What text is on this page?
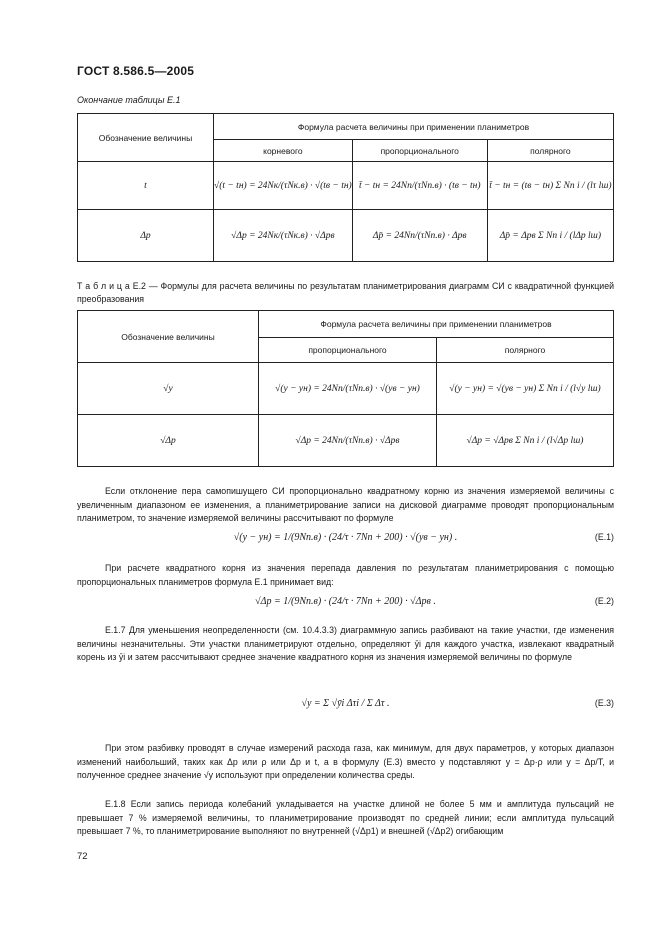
ГОСТ 8.586.5—2005
Окончание таблицы Е.1
Обозначение величины	Формула расчета величины при применении планиметров		
	корневого	пропорционального	полярного
t	√(t − tн) = 24Nк/(τNк.в) · √(tв − tн)	t̄ − tн = 24Nп/(τNп.в) · (tв − tн)	t̄ − tн = (tв − tн) Σ Nп i / (lτ lш)
Δp	√Δp = 24Nк/(τNк.в) · √Δpв	Δp̄ = 24Nп/(τNп.в) · Δpв	Δp̄ = Δpв Σ Nп i / (lΔp lш)
Т а б л и ц а Е.2 — Формулы для расчета величины по результатам планиметрирования диаграмм СИ с квадратичной функцией преобразования
Обозначение величины	Формула расчета величины при применении планиметров	
	пропорционального	полярного
√y	√(y − yн) = 24Nп/(τNп.в) · √(yв − yн)	√(y − yн) = √(yв − yн) Σ Nп i / (l√y lш)
√Δp	√Δp = 24Nп/(τNп.в) · √Δpв	√Δp = √Δpв Σ Nп i / (l√Δp lш)
Если отклонение пера самопишущего СИ пропорционально квадратному корню из значения измеряемой величины с увеличенным диапазоном ее изменения, а планиметрирование записи на дисковой диаграмме проводят пропорциональным планиметром, то значение измеряемой величины рассчитывают по формуле
√(y − yн) = 1/(9Nп.в) · (24/τ · 7Nп + 200) · √(yв − yн) .	(Е.1)
При расчете квадратного корня из значения перепада давления по результатам планиметрирования с помощью пропорциональных планиметров формула Е.1 принимает вид:
√Δp = 1/(9Nп.в) · (24/τ · 7Nп + 200) · √Δpв .	(Е.2)
Е.1.7 Для уменьшения неопределенности (см. 10.4.3.3) диаграммную запись разбивают на такие участки, где изменения величины незначительны. Эти участки планиметрируют отдельно, определяют ȳi для каждого участка, извлекают квадратный корень из ȳi и затем рассчитывают среднее значение квадратного корня из значения измеряемой величины по формуле
√y = Σ √ȳi Δτi / Σ Δτ .	(Е.3)
При этом разбивку проводят в случае измерений расхода газа, как минимум, для двух параметров, у которых диапазон изменений наибольший, таких как Δp или ρ или Δp и t, а в формулу (Е.3) вместо y подставляют y = Δp·ρ или y = Δp/T, и полученное среднее значение √y используют при определении количества среды.
Е.1.8 Если запись периода колебаний укладывается на участке длиной не более 5 мм и амплитуда пульсаций не превышает 7 % измеряемой величины, то планиметрирование производят по средней линии; если амплитуда пульсаций превышает 7 %, то планиметрирование выполняют по внутренней (√Δp1) и внешней (√Δp2) огибающим
72
